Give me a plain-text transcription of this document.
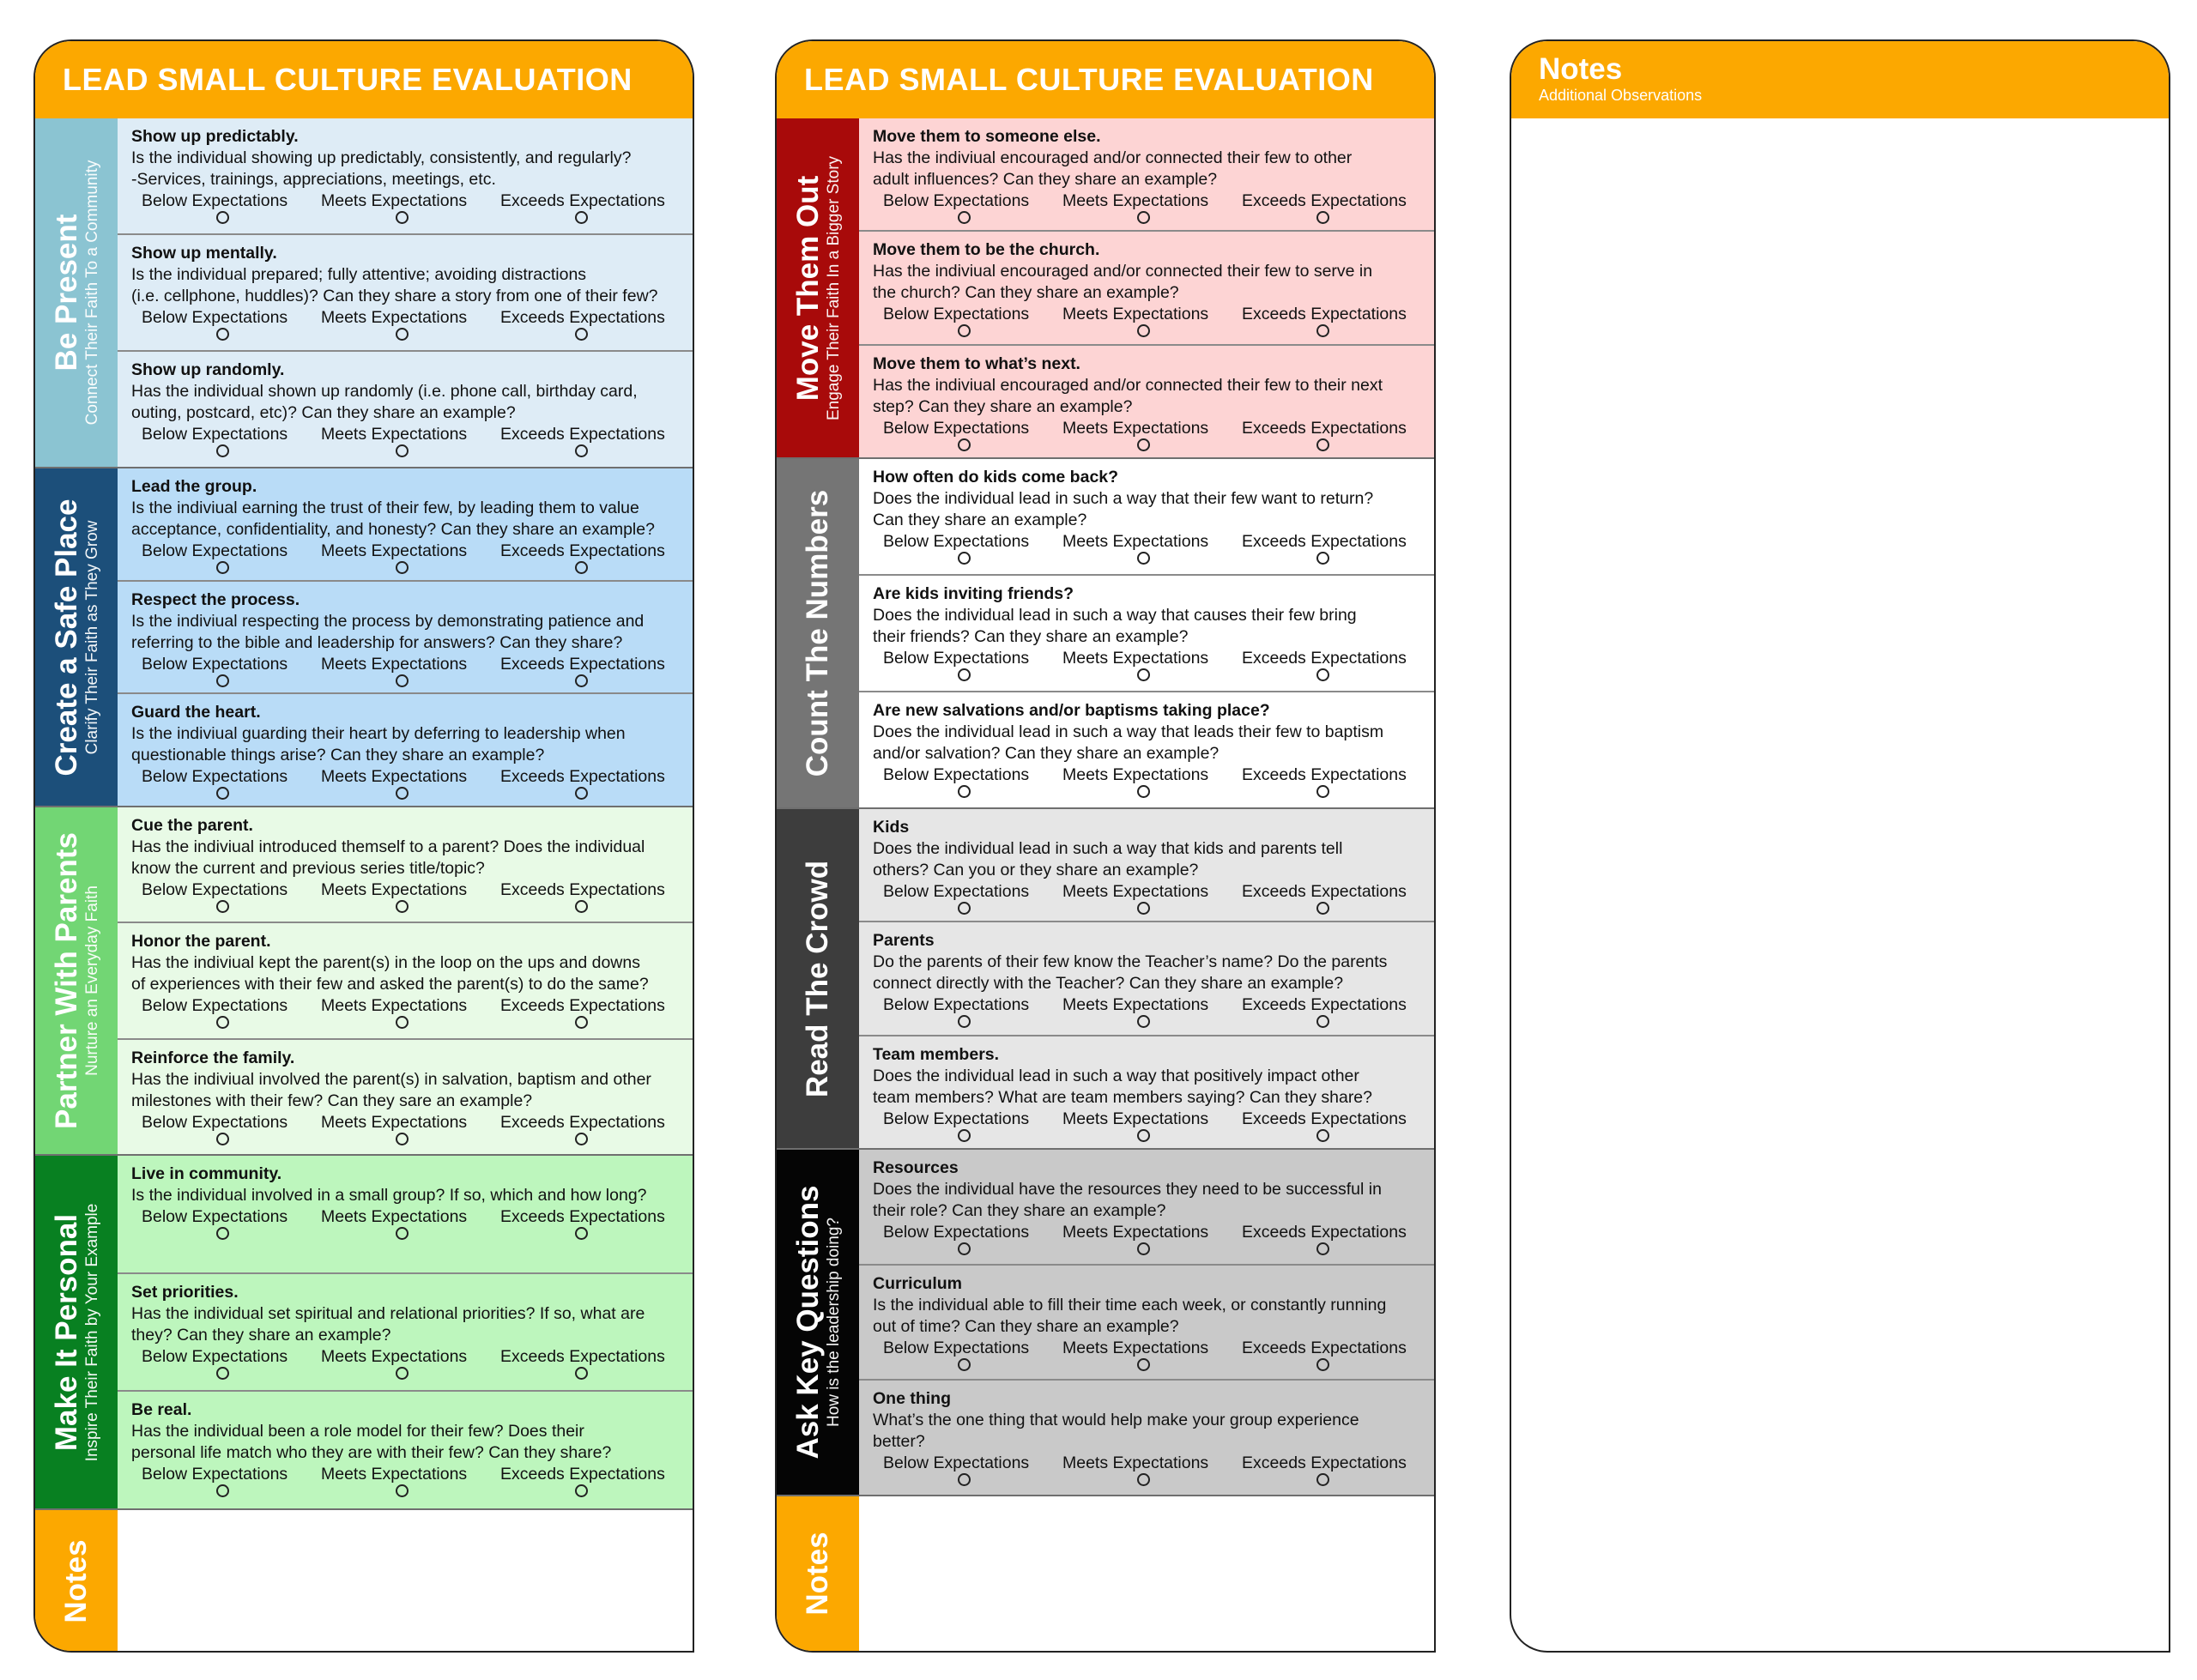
LEAD SMALL CULTURE EVALUATION
Be Present Connect Their Faith To a Community
Show up predictably.
Is the individual showing up predictably, consistently, and regularly?
-Services, trainings, appreciations, meetings, etc.
Below Expectations Meets Expectations Exceeds Expectations
Show up mentally.
Is the individual prepared; fully attentive; avoiding distractions
(i.e. cellphone, huddles)? Can they share a story from one of their few?
Below Expectations Meets Expectations Exceeds Expectations
Show up randomly.
Has the individual shown up randomly (i.e. phone call, birthday card,
outing, postcard, etc)? Can they share an example?
Below Expectations Meets Expectations Exceeds Expectations
Create a Safe Place Clarify Their Faith as They Grow
Lead the group.
Is the indiviual earning the trust of their few, by leading them to value
acceptance, confidentiality, and honesty? Can they share an example?
Below Expectations Meets Expectations Exceeds Expectations
Respect the process.
Is the indiviual respecting the process by demonstrating patience and
referring to the bible and leadership for answers? Can they share?
Below Expectations Meets Expectations Exceeds Expectations
Guard the heart.
Is the indiviual guarding their heart by deferring to leadership when
questionable things arise? Can they share an example?
Below Expectations Meets Expectations Exceeds Expectations
Partner With Parents Nurture an Everyday Faith
Cue the parent.
Has the indiviual introduced themself to a parent? Does the individual
know the current and previous series title/topic?
Below Expectations Meets Expectations Exceeds Expectations
Honor the parent.
Has the indiviual kept the parent(s) in the loop on the ups and downs
of experiences with their few and asked the parent(s) to do the same?
Below Expectations Meets Expectations Exceeds Expectations
Reinforce the family.
Has the indiviual involved the parent(s) in salvation, baptism and other
milestones with their few? Can they sare an example?
Below Expectations Meets Expectations Exceeds Expectations
Make It Personal Inspire Their Faith by Your Example
Live in community.
Is the individual involved in a small group? If so, which and how long?

Below Expectations Meets Expectations Exceeds Expectations
Set priorities.
Has the individual set spiritual and relational priorities? If so, what are
they? Can they share an example?
Below Expectations Meets Expectations Exceeds Expectations
Be real.
Has the individual been a role model for their few? Does their
personal life match who they are with their few? Can they share?
Below Expectations Meets Expectations Exceeds Expectations
Notes
LEAD SMALL CULTURE EVALUATION
Move Them Out Engage Their Faith In a Bigger Story
Move them to someone else.
Has the indiviual encouraged and/or connected their few to other
adult influences? Can they share an example?
Below Expectations Meets Expectations Exceeds Expectations
Move them to be the church.
Has the indiviual encouraged and/or connected their few to serve in
the church? Can they share an example?
Below Expectations Meets Expectations Exceeds Expectations
Move them to what’s next.
Has the indiviual encouraged and/or connected their few to their next
step? Can they share an example?
Below Expectations Meets Expectations Exceeds Expectations
Count The Numbers
How often do kids come back?
Does the individual lead in such a way that their few want to return?
Can they share an example?
Below Expectations Meets Expectations Exceeds Expectations
Are kids inviting friends?
Does the individual lead in such a way that causes their few bring
their friends? Can they share an example?
Below Expectations Meets Expectations Exceeds Expectations
Are new salvations and/or baptisms taking place?
Does the individual lead in such a way that leads their few to baptism
and/or salvation? Can they share an example?
Below Expectations Meets Expectations Exceeds Expectations
Read The Crowd
Kids
Does the individual lead in such a way that kids and parents tell
others? Can you or they share an example?
Below Expectations Meets Expectations Exceeds Expectations
Parents
Do the parents of their few know the Teacher’s name? Do the parents
connect directly with the Teacher? Can they share an example?
Below Expectations Meets Expectations Exceeds Expectations
Team members.
Does the individual lead in such a way that positively impact other
team members? What are team members saying? Can they share?
Below Expectations Meets Expectations Exceeds Expectations
Ask Key Questions How is the leadership doing?
Resources
Does the individual have the resources they need to be successful in
their role? Can they share an example?
Below Expectations Meets Expectations Exceeds Expectations
Curriculum
Is the individual able to fill their time each week, or constantly running
out of time? Can they share an example?
Below Expectations Meets Expectations Exceeds Expectations
One thing
What’s the one thing that would help make your group experience
better?
Below Expectations Meets Expectations Exceeds Expectations
Notes
Notes
Additional Observations
